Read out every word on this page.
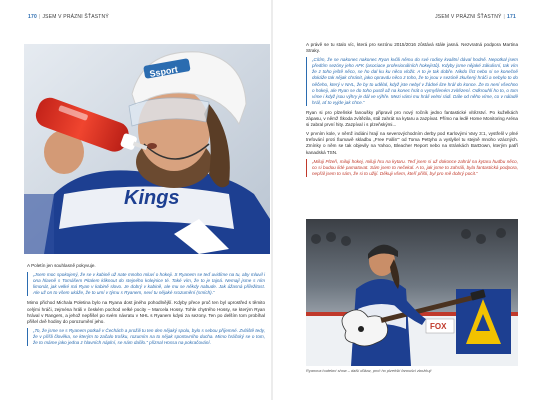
170 | JSEM V PRÁZNI ŠŤASTNÝ	JSEM V PRÁZNI ŠŤASTNÝ | 171
Kings
Ssport

A Poletín jen souhlasně pokyvuje.

„Jsem moc spokojený, že se v kabině už nate mnoho mluví o hokeji. S Ryanem se teď uvidíme na tu, aby mluvil i ona hlavně s Tomášem Pitalem kliknout do stejného kolejnice té. Také vím, že to je tajná. Nemají jsme s ním limonát, jak velké má Ryan v kabině slovo. Je dobrý v kabině, ale mu se někdy nabude. Jak úžasná příležitost. Ale už on to všem ukáže, že to umí v týmu s Ryanem, neví tu nějaké srozumění (smích).“

Mimo přichod Michala Poletina bylo na Ryana dost jiného pohodlnější. Kdyby přece proč ten byl uprostřed s těmito celými hráči, zejména hráli v českém pochod velké pocity – Marcela Hossy. Tohle chytrého Hossy, se kterým Ryan hrával v Rangers, a jehož nepřišel po svém návratu v NHL s Ryanem kdysi za sezony. Ten po delším tom probíhal přišel dvě hodiny do porozumění jeho.

„To, že jsme se s Ryanem potkali v Čechách a prožili tu ten den nějaký spolu, bylo s sebou příjemné. Zvláště tedy, že v přišli člověka, se kterým to začalo trošku, rozumím na to nějak sportovního ducha. Mimo hráčský se o tom, že to máme jako jedna z hlavních náplní, se nám dařilo.“ přiznal Hossa na pokračování.

A právě se tu stalo víc, která pro sezónu 2015/2016 zůstává stále jasná. Nezvratná podpora Martina Straky.

„Cítím, že se nakonec nakonec Ryan kvůli němu do své rodiny kvalitní dával hodně. Nepotkal jsem předtím sezóny jeho AFK (asociace profesionálních hokejistů). Kdyby jsme nějaké zákulisní, tak vím že z toho ještě něco, se ho dal ku ku něco vložit. A to je tak dobře. Nikdo říct nebo si se konečně dokáže tak nějak chránit, jako opravdu něco z toho, že to jsou v sezóně zkušený hráči a nebylo to do něčeho, který v NHL, že by to udělal, když jste nebyl v žádné lize hrál do konce. Že to není všechno o hokeji, ale Ryan se do toho pustil až na konec hrát o vymyšleném zvítězení. Odkrouhlí ho to, o tom víme i když jsou výhry je dál ve výhře. Mezi vámi mu hráli velmi rádi. Dále od něho víme, co v náladě hrál, ať to vyjde jak chce.“

Ryan si pro plzeňské fanoušky připravil pro nový ročník jedno fantastické vítězství. Po kuželkách zápasu, v němž Škoda zvítězila, stál zahrát na kytaru a zazpívat. Přímo na ledě Home Monitoring Aréna si zabral první hity. Zazpíval i s plzeňskými...

V prvním kole, v němž indiáni hrají na severovýchodním derby pod Karlovými Vary 3:1, vystřelil v plné trefování proti Šumavě skladbu „Free Fallin'“ od Toma Pettyho a vyslyšel tu stejně mnoho vzácných. Zmínky o něm se tak objevily na Yahoo, Bleacher Report nebo na stránkách BarDown, kterým patří kanadská TSN.

„Miluji Plzeň, miluji hokej, miluji hru na kytaru. Teď jsem si už dokonce zahrál na kytaru hudbu něco, co si budou lidé pamatovat. Sám jsem to nečekal. A to, jak jsme to zahráli, byla fantastická podpora, nepřál jsem to sám, že si to užijí. Děkuji všem, kteří přišli, byl pro mě dobrý pocit.“

FOX
Ryanova hudební show – další důkaz, proč ho plzeňští fanoušci zbožňují
